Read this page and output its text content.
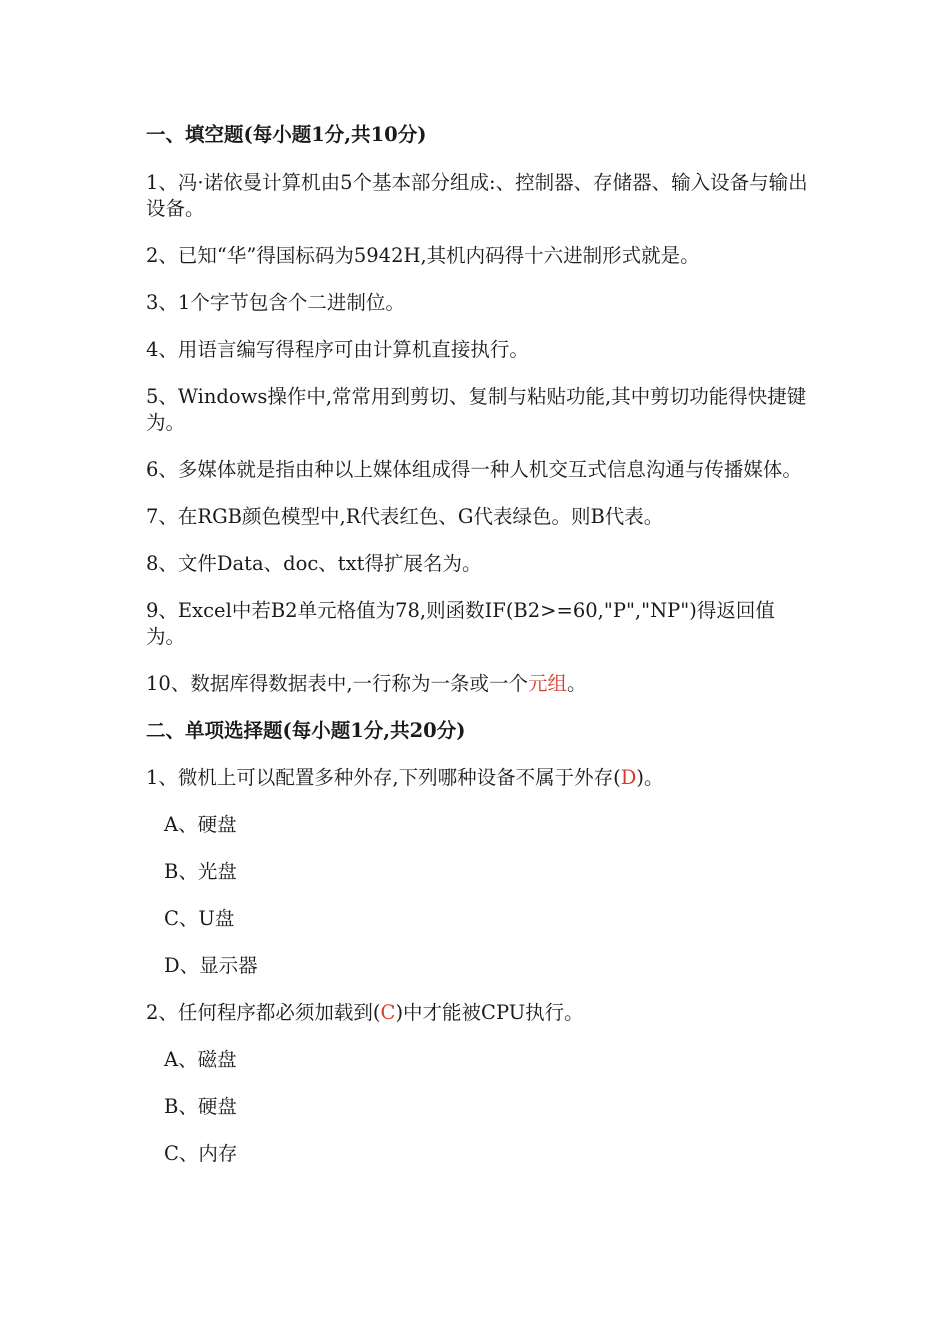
一、填空题(每小题1分,共10分)

1、冯·诺依曼计算机由5个基本部分组成:、控制器、存储器、输入设备与输出设备。

2、已知“华”得国标码为5942H,其机内码得十六进制形式就是。

3、1个字节包含个二进制位。

4、用语言编写得程序可由计算机直接执行。

5、Windows操作中,常常用到剪切、复制与粘贴功能,其中剪切功能得快捷键为。

6、多媒体就是指由种以上媒体组成得一种人机交互式信息沟通与传播媒体。

7、在RGB颜色模型中,R代表红色、G代表绿色。则B代表。

8、文件Data、doc、txt得扩展名为。

9、Excel中若B2单元格值为78,则函数IF(B2>=60,"P","NP")得返回值为。

10、数据库得数据表中,一行称为一条或一个元组。

二、单项选择题(每小题1分,共20分)

1、微机上可以配置多种外存,下列哪种设备不属于外存(D)。

A、硬盘

B、光盘

C、U盘

D、显示器

2、任何程序都必须加载到(C)中才能被CPU执行。

A、磁盘

B、硬盘

C、内存
